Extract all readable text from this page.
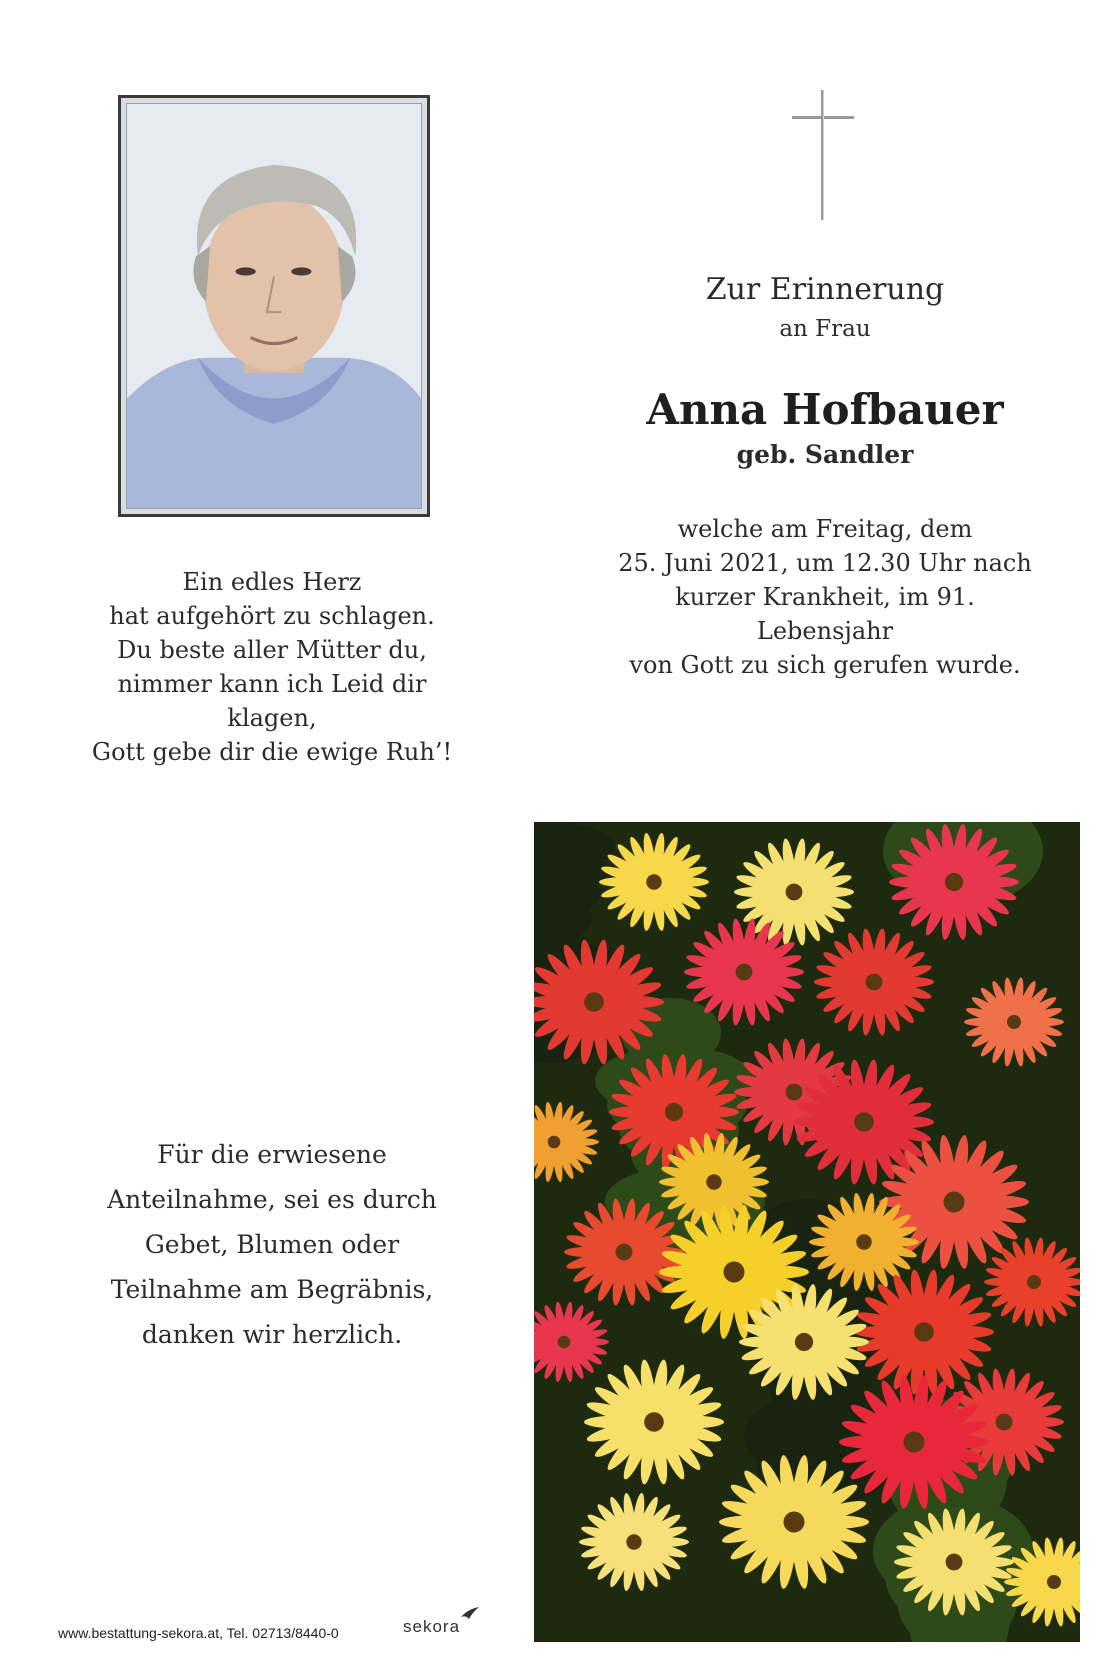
Zur Erinnerung
an Frau
Anna Hofbauer
geb. Sandler
welche am Freitag, dem
25. Juni 2021, um 12.30 Uhr nach
kurzer Krankheit, im 91. Lebensjahr
von Gott zu sich gerufen wurde.
Ein edles Herz
hat aufgehört zu schlagen.
Du beste aller Mütter du,
nimmer kann ich Leid dir klagen,
Gott gebe dir die ewige Ruh’!
Für die erwiesene
Anteilnahme, sei es durch
Gebet, Blumen oder
Teilnahme am Begräbnis,
danken wir herzlich.
www.bestattung-sekora.at, Tel. 02713/8440-0	sekora
